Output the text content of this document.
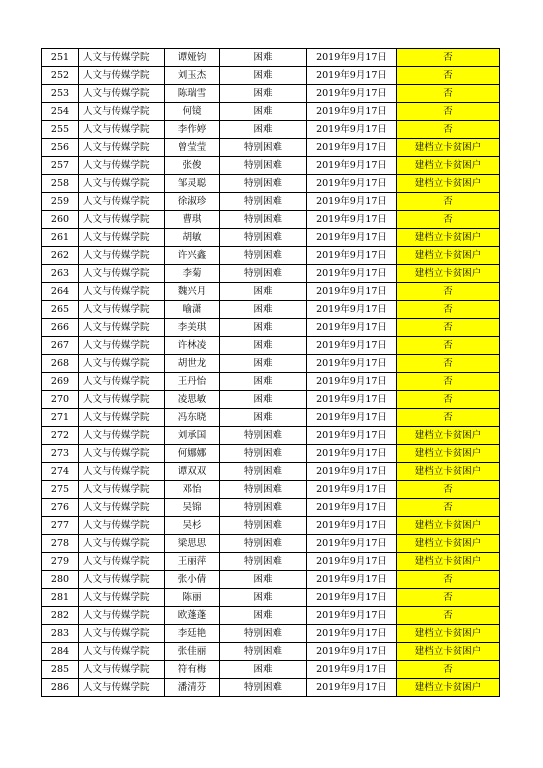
251	人文与传媒学院	谭娅钧	困难	2019年9月17日	否
252	人文与传媒学院	刘玉杰	困难	2019年9月17日	否
253	人文与传媒学院	陈瑞雪	困难	2019年9月17日	否
254	人文与传媒学院	何镜	困难	2019年9月17日	否
255	人文与传媒学院	李作婷	困难	2019年9月17日	否
256	人文与传媒学院	曾莹莹	特别困难	2019年9月17日	建档立卡贫困户
257	人文与传媒学院	张俊	特别困难	2019年9月17日	建档立卡贫困户
258	人文与传媒学院	邹灵聪	特别困难	2019年9月17日	建档立卡贫困户
259	人文与传媒学院	徐淑珍	特别困难	2019年9月17日	否
260	人文与传媒学院	曹琪	特别困难	2019年9月17日	否
261	人文与传媒学院	胡敏	特别困难	2019年9月17日	建档立卡贫困户
262	人文与传媒学院	许兴鑫	特别困难	2019年9月17日	建档立卡贫困户
263	人文与传媒学院	李菊	特别困难	2019年9月17日	建档立卡贫困户
264	人文与传媒学院	魏兴月	困难	2019年9月17日	否
265	人文与传媒学院	喻潇	困难	2019年9月17日	否
266	人文与传媒学院	李美琪	困难	2019年9月17日	否
267	人文与传媒学院	许林凌	困难	2019年9月17日	否
268	人文与传媒学院	胡世龙	困难	2019年9月17日	否
269	人文与传媒学院	王丹怡	困难	2019年9月17日	否
270	人文与传媒学院	凌思敏	困难	2019年9月17日	否
271	人文与传媒学院	冯东晓	困难	2019年9月17日	否
272	人文与传媒学院	刘承国	特别困难	2019年9月17日	建档立卡贫困户
273	人文与传媒学院	何娜娜	特别困难	2019年9月17日	建档立卡贫困户
274	人文与传媒学院	谭双双	特别困难	2019年9月17日	建档立卡贫困户
275	人文与传媒学院	邓怡	特别困难	2019年9月17日	否
276	人文与传媒学院	吴锦	特别困难	2019年9月17日	否
277	人文与传媒学院	吴杉	特别困难	2019年9月17日	建档立卡贫困户
278	人文与传媒学院	梁思思	特别困难	2019年9月17日	建档立卡贫困户
279	人文与传媒学院	王丽萍	特别困难	2019年9月17日	建档立卡贫困户
280	人文与传媒学院	张小倩	困难	2019年9月17日	否
281	人文与传媒学院	陈丽	困难	2019年9月17日	否
282	人文与传媒学院	欧蓬蓬	困难	2019年9月17日	否
283	人文与传媒学院	李廷艳	特别困难	2019年9月17日	建档立卡贫困户
284	人文与传媒学院	张佳丽	特别困难	2019年9月17日	建档立卡贫困户
285	人文与传媒学院	符有梅	困难	2019年9月17日	否
286	人文与传媒学院	潘清芬	特别困难	2019年9月17日	建档立卡贫困户
